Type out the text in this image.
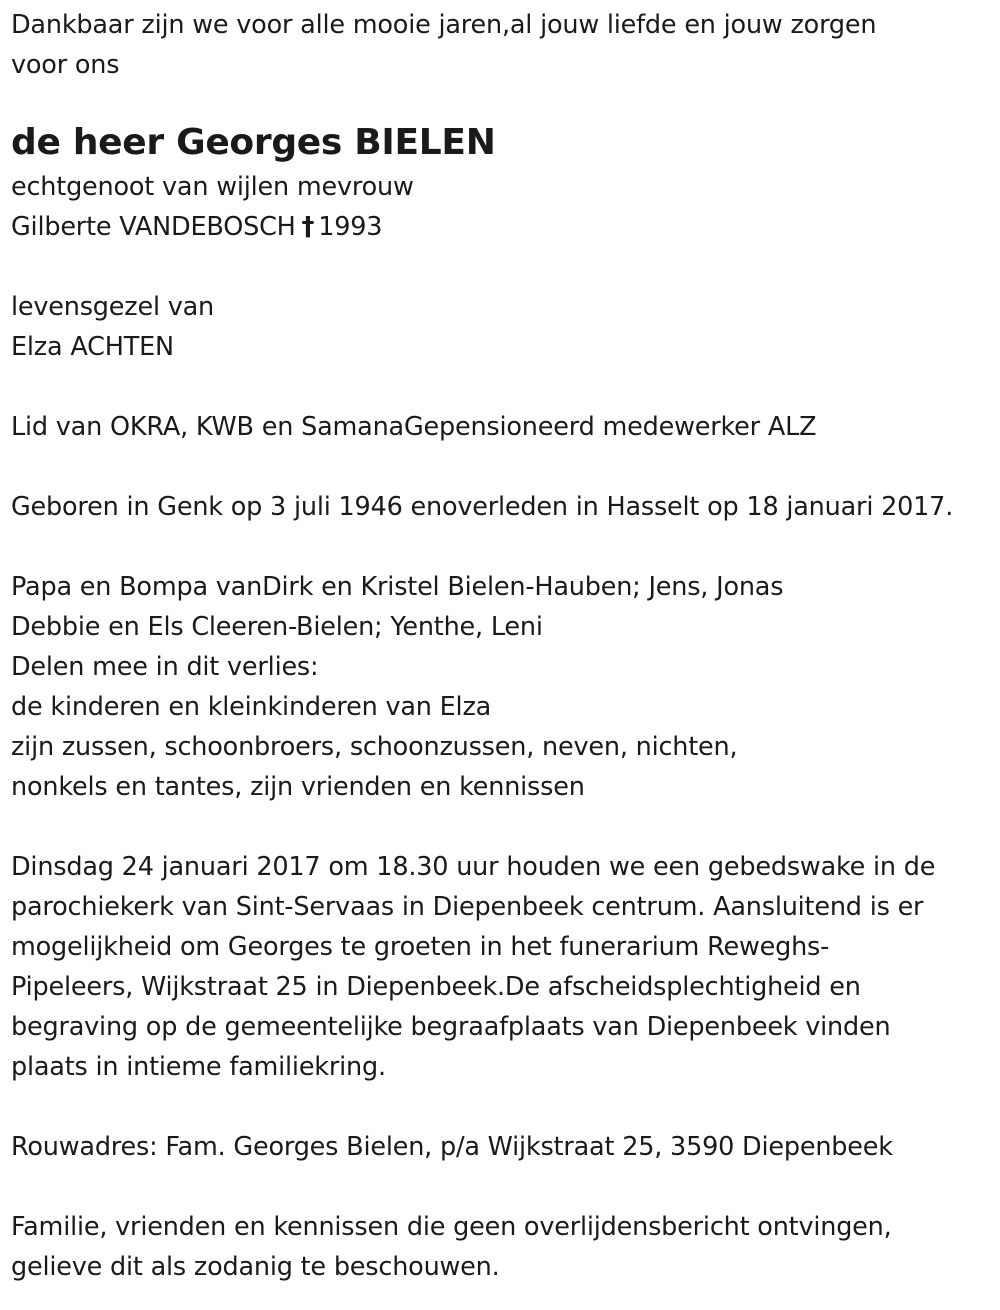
Dankbaar zijn we voor alle mooie jaren,al jouw liefde en jouw zorgen
voor ons
de heer Georges BIELEN
echtgenoot van wijlen mevrouw
Gilberte VANDEBOSCH † 1993
levensgezel van
Elza ACHTEN
Lid van OKRA, KWB en SamanaGepensioneerd medewerker ALZ
Geboren in Genk op 3 juli 1946 enoverleden in Hasselt op 18 januari 2017.
Papa en Bompa vanDirk en Kristel Bielen-Hauben; Jens, Jonas
Debbie en Els Cleeren-Bielen; Yenthe, Leni
Delen mee in dit verlies:
de kinderen en kleinkinderen van Elza
zijn zussen, schoonbroers, schoonzussen, neven, nichten,
nonkels en tantes, zijn vrienden en kennissen
Dinsdag 24 januari 2017 om 18.30 uur houden we een gebedswake in de
parochiekerk van Sint-Servaas in Diepenbeek centrum. Aansluitend is er
mogelijkheid om Georges te groeten in het funerarium Reweghs-
Pipeleers, Wijkstraat 25 in Diepenbeek.De afscheidsplechtigheid en
begraving op de gemeentelijke begraafplaats van Diepenbeek vinden
plaats in intieme familiekring.
Rouwadres: Fam. Georges Bielen, p/a Wijkstraat 25, 3590 Diepenbeek
Familie, vrienden en kennissen die geen overlijdensbericht ontvingen,
gelieve dit als zodanig te beschouwen.
